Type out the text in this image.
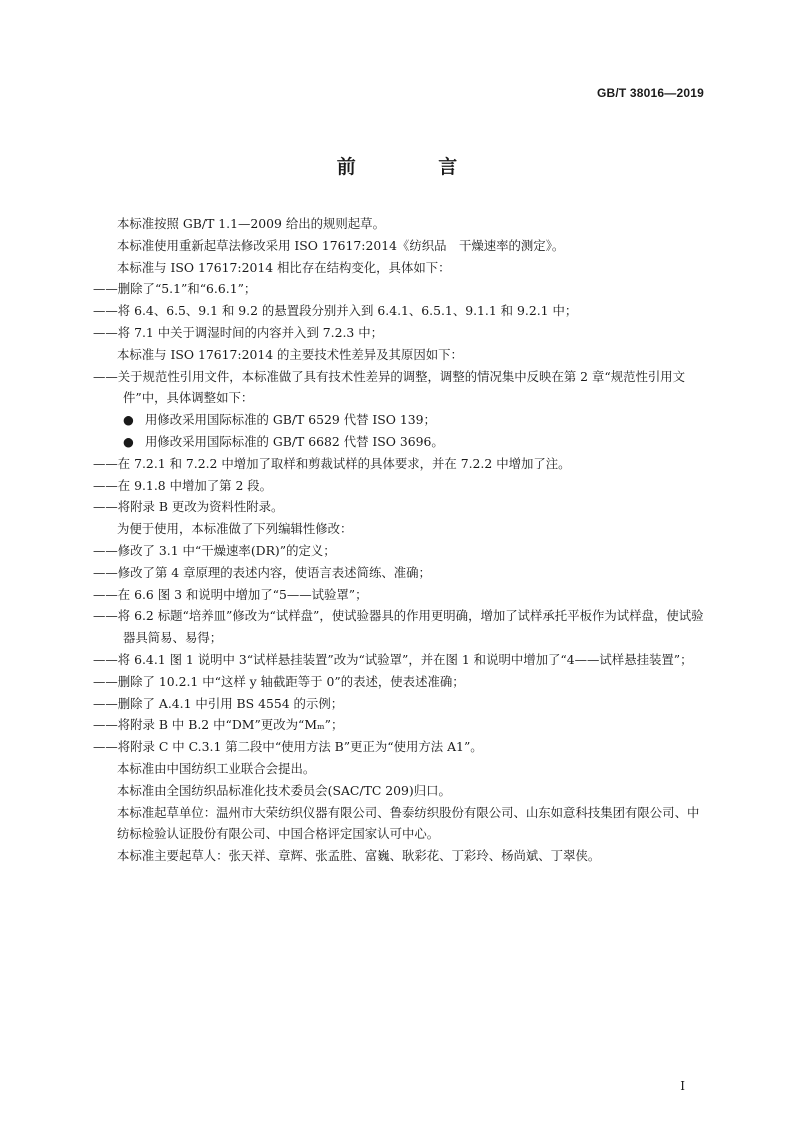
GB/T 38016—2019
前 言

本标准按照 GB/T 1.1—2009 给出的规则起草。

本标准使用重新起草法修改采用 ISO 17617:2014《纺织品　干燥速率的测定》。

本标准与 ISO 17617:2014 相比存在结构变化，具体如下：

——删除了“5.1”和“6.6.1”；

——将 6.4、6.5、9.1 和 9.2 的悬置段分别并入到 6.4.1、6.5.1、9.1.1 和 9.2.1 中；

——将 7.1 中关于调湿时间的内容并入到 7.2.3 中；

本标准与 ISO 17617:2014 的主要技术性差异及其原因如下：

——关于规范性引用文件，本标准做了具有技术性差异的调整，调整的情况集中反映在第 2 章“规范性引用文件”中，具体调整如下：

● 用修改采用国际标准的 GB/T 6529 代替 ISO 139；

● 用修改采用国际标准的 GB/T 6682 代替 ISO 3696。

——在 7.2.1 和 7.2.2 中增加了取样和剪裁试样的具体要求，并在 7.2.2 中增加了注。

——在 9.1.8 中增加了第 2 段。

——将附录 B 更改为资料性附录。

为便于使用，本标准做了下列编辑性修改：

——修改了 3.1 中“干燥速率(DR)”的定义；

——修改了第 4 章原理的表述内容，使语言表述简练、准确；

——在 6.6 图 3 和说明中增加了“5——试验罩”；

——将 6.2 标题“培养皿”修改为“试样盘”，使试验器具的作用更明确，增加了试样承托平板作为试样盘，使试验器具简易、易得；

——将 6.4.1 图 1 说明中 3“试样悬挂装置”改为“试验罩”，并在图 1 和说明中增加了“4——试样悬挂装置”；

——删除了 10.2.1 中“这样 y 轴截距等于 0”的表述，使表述准确；

——删除了 A.4.1 中引用 BS 4554 的示例；

——将附录 B 中 B.2 中“DM”更改为“Mₘ”；

——将附录 C 中 C.3.1 第二段中“使用方法 B”更正为“使用方法 A1”。

本标准由中国纺织工业联合会提出。

本标准由全国纺织品标准化技术委员会(SAC/TC 209)归口。

本标准起草单位：温州市大荣纺织仪器有限公司、鲁泰纺织股份有限公司、山东如意科技集团有限公司、中纺标检验认证股份有限公司、中国合格评定国家认可中心。

本标准主要起草人：张天祥、章辉、张孟胜、富巍、耿彩花、丁彩玲、杨尚斌、丁翠侠。

I
